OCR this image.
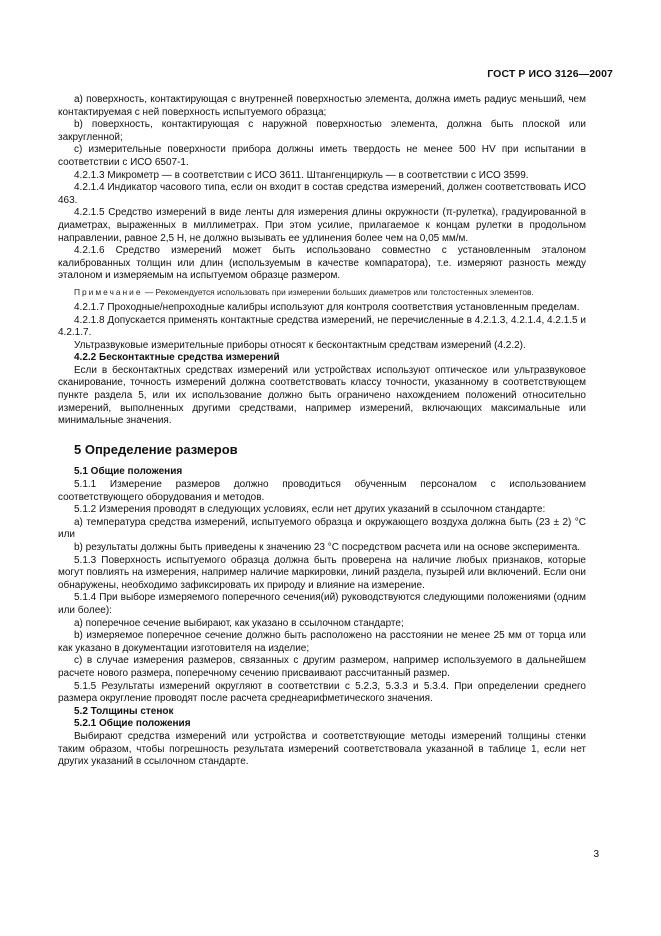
ГОСТ Р ИСО 3126—2007

a) поверхность, контактирующая с внутренней поверхностью элемента, должна иметь радиус меньший, чем контактируемая с ней поверхность испытуемого образца;

b) поверхность, контактирующая с наружной поверхностью элемента, должна быть плоской или закругленной;

c) измерительные поверхности прибора должны иметь твердость не менее 500 HV при испытании в соответствии с ИСО 6507-1.

4.2.1.3 Микрометр — в соответствии с ИСО 3611. Штангенциркуль — в соответствии с ИСО 3599.

4.2.1.4 Индикатор часового типа, если он входит в состав средства измерений, должен соответствовать ИСО 463.

4.2.1.5 Средство измерений в виде ленты для измерения длины окружности (π-рулетка), градуированной в диаметрах, выраженных в миллиметрах. При этом усилие, прилагаемое к концам рулетки в продольном направлении, равное 2,5 Н, не должно вызывать ее удлинения более чем на 0,05 мм/м.

4.2.1.6 Средство измерений может быть использовано совместно с установленным эталоном калиброванных толщин или длин (используемым в качестве компаратора), т.е. измеряют разность между эталоном и измеряемым на испытуемом образце размером.

Примечание — Рекомендуется использовать при измерении больших диаметров или толстостенных элементов.

4.2.1.7 Проходные/непроходные калибры используют для контроля соответствия установленным пределам.

4.2.1.8 Допускается применять контактные средства измерений, не перечисленные в 4.2.1.3, 4.2.1.4, 4.2.1.5 и 4.2.1.7.

Ультразвуковые измерительные приборы относят к бесконтактным средствам измерений (4.2.2).

4.2.2 Бесконтактные средства измерений

Если в бесконтактных средствах измерений или устройствах используют оптическое или ультразвуковое сканирование, точность измерений должна соответствовать классу точности, указанному в соответствующем пункте раздела 5, или их использование должно быть ограничено нахождением положений относительно измерений, выполненных другими средствами, например измерений, включающих максимальные или минимальные значения.

5 Определение размеров

5.1 Общие положения

5.1.1 Измерение размеров должно проводиться обученным персоналом с использованием соответствующего оборудования и методов.

5.1.2 Измерения проводят в следующих условиях, если нет других указаний в ссылочном стандарте:

a) температура средства измерений, испытуемого образца и окружающего воздуха должна быть (23 ± 2) °С или

b) результаты должны быть приведены к значению 23 °С посредством расчета или на основе эксперимента.

5.1.3 Поверхность испытуемого образца должна быть проверена на наличие любых признаков, которые могут повлиять на измерения, например наличие маркировки, линий раздела, пузырей или включений. Если они обнаружены, необходимо зафиксировать их природу и влияние на измерение.

5.1.4 При выборе измеряемого поперечного сечения(ий) руководствуются следующими положениями (одним или более):

a) поперечное сечение выбирают, как указано в ссылочном стандарте;

b) измеряемое поперечное сечение должно быть расположено на расстоянии не менее 25 мм от торца или как указано в документации изготовителя на изделие;

c) в случае измерения размеров, связанных с другим размером, например используемого в дальнейшем расчете нового размера, поперечному сечению присваивают рассчитанный размер.

5.1.5 Результаты измерений округляют в соответствии с 5.2.3, 5.3.3 и 5.3.4. При определении среднего размера округление проводят после расчета среднеарифметического значения.

5.2 Толщины стенок

5.2.1 Общие положения

Выбирают средства измерений или устройства и соответствующие методы измерений толщины стенки таким образом, чтобы погрешность результата измерений соответствовала указанной в таблице 1, если нет других указаний в ссылочном стандарте.

3
